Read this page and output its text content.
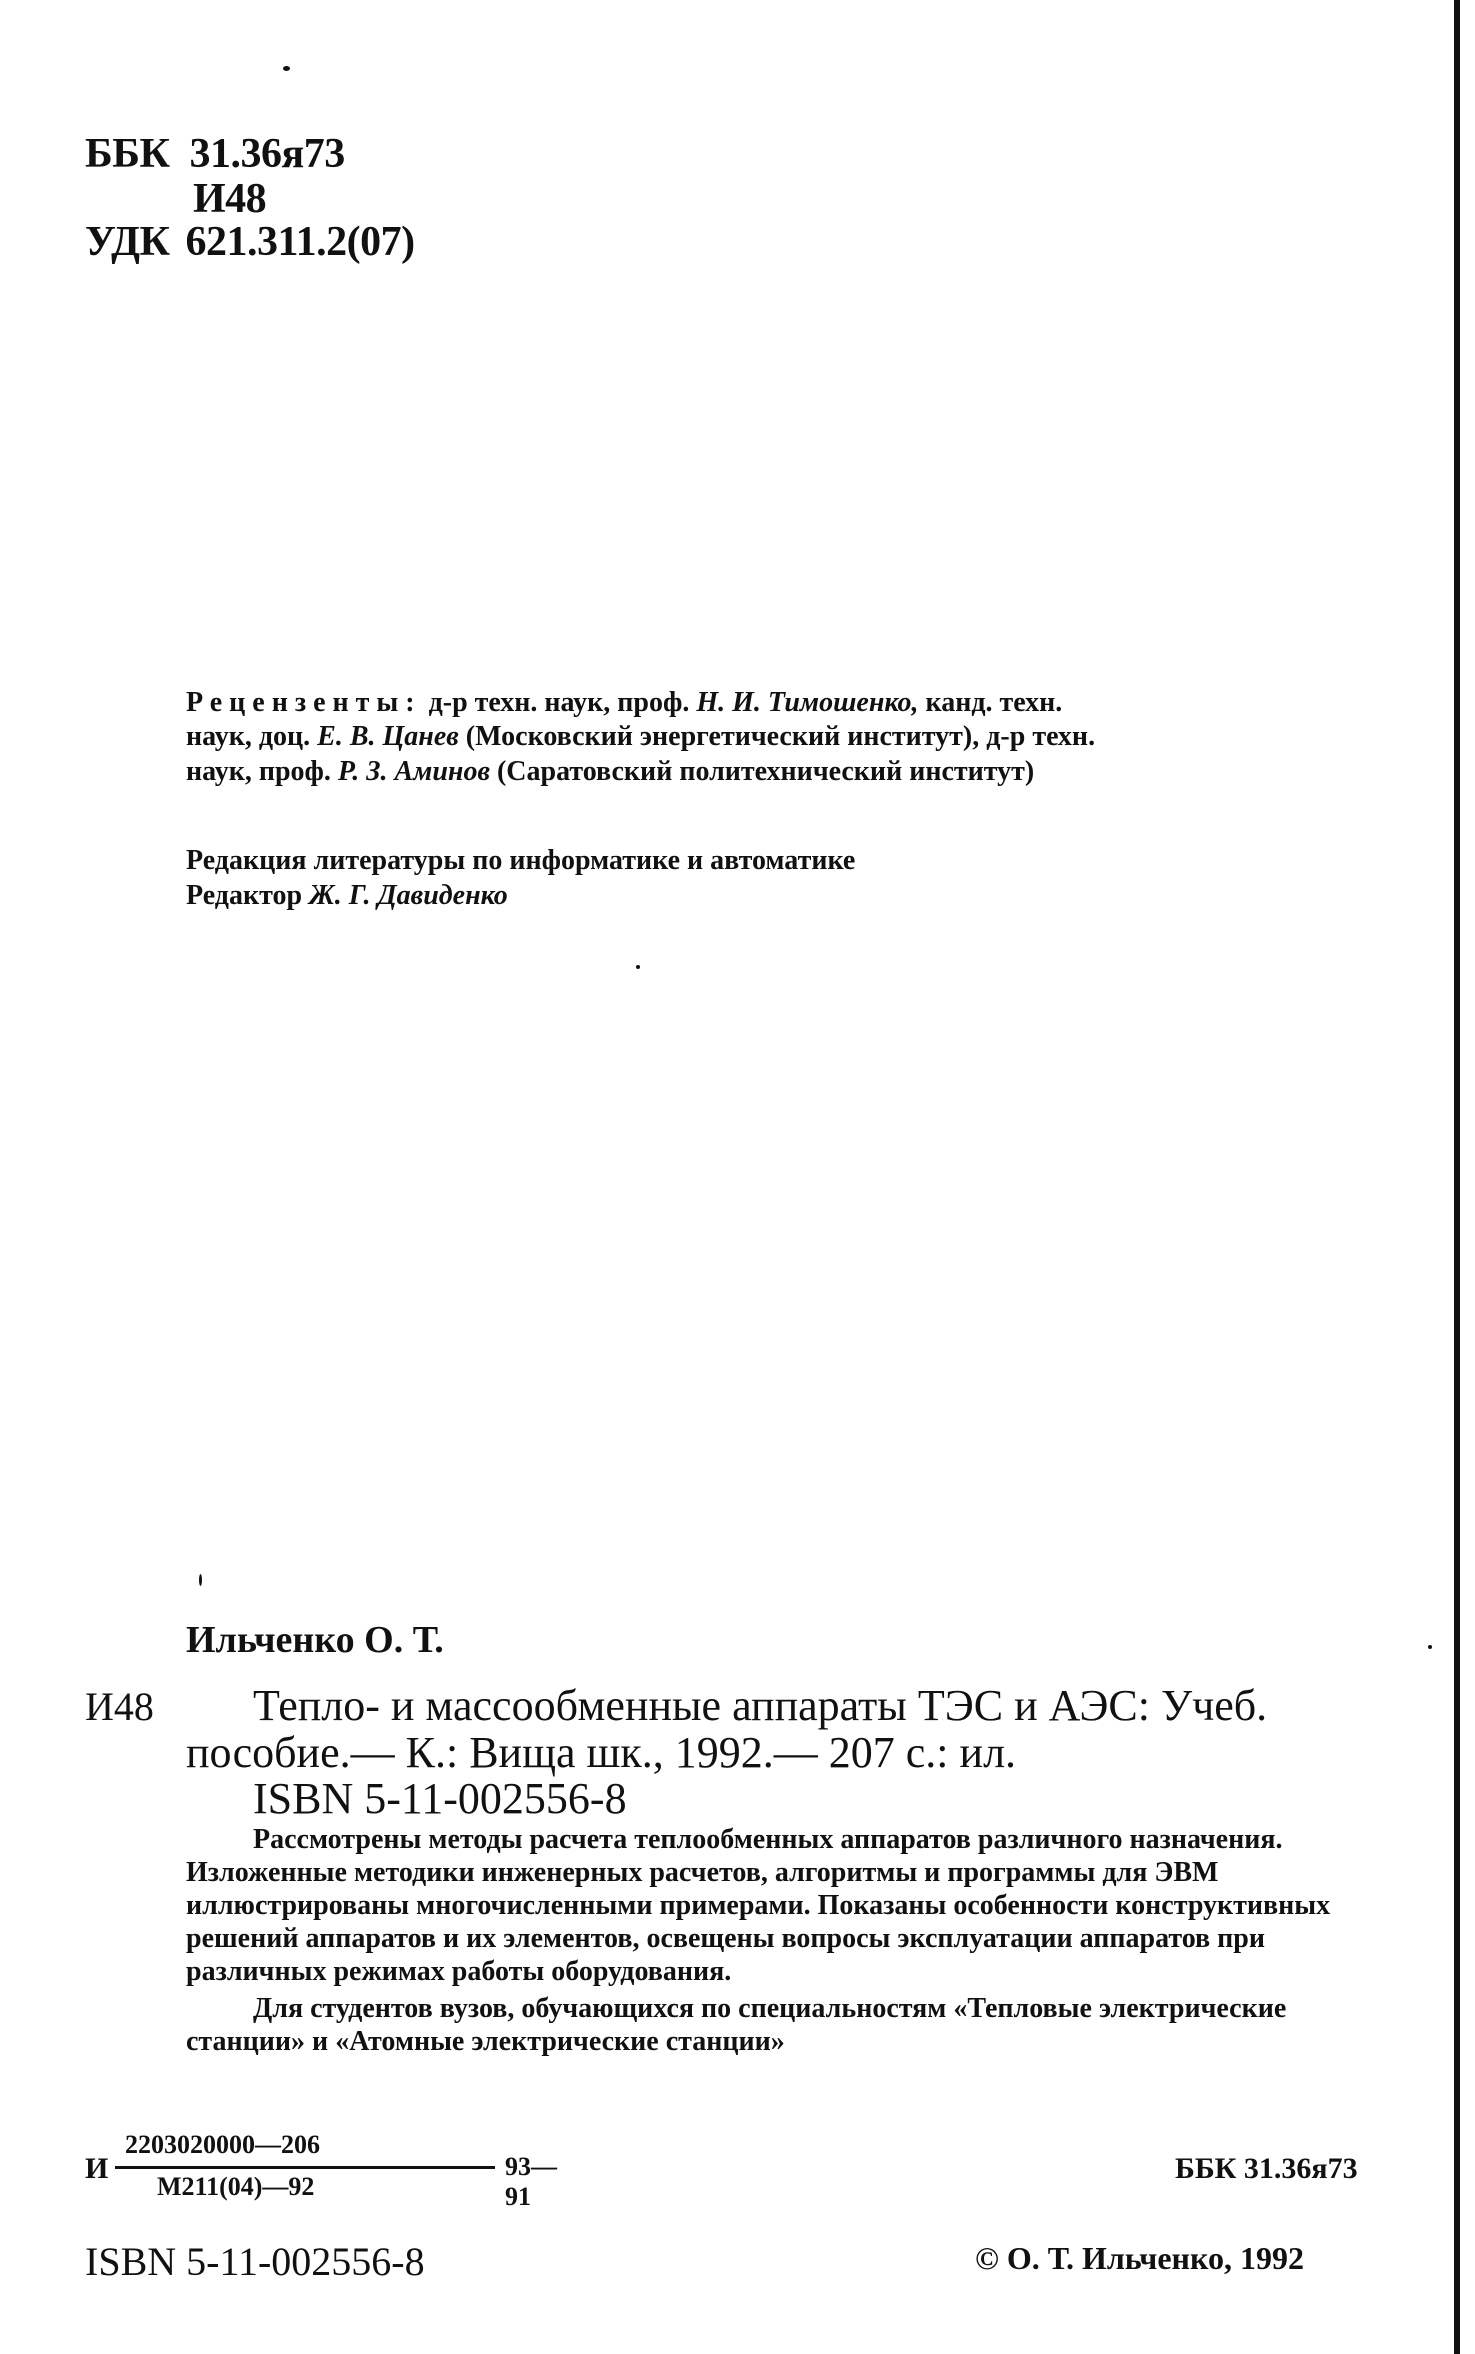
ББК 31.36я73
И48
УДК 621.311.2(07)
Рецензенты: д-р техн. наук, проф. Н. И. Тимошенко, канд. техн.
наук, доц. Е. В. Цанев (Московский энергетический институт), д-р техн.
наук, проф. Р. З. Аминов (Саратовский политехнический институт)
Редакция литературы по информатике и автоматике
Редактор Ж. Г. Давиденко
Ильченко О. Т.
И48 Тепло- и массообменные аппараты ТЭС и АЭС: Учеб.
пособие.— К.: Вища шк., 1992.— 207 с.: ил.
ISBN 5-11-002556-8
Рассмотрены методы расчета теплообменных аппаратов различного назначения. Изложенные методики инженерных расчетов, алгоритмы и программы для ЭВМ иллюстрированы многочисленными примерами. Показаны особенности конструктивных решений аппаратов и их элементов, освещены вопросы эксплуатации аппаратов при различных режимах работы оборудования.
Для студентов вузов, обучающихся по специальностям «Тепловые электрические станции» и «Атомные электрические станции»
И
2203020000—206
М211(04)—92
93—91
ББК 31.36я73
ISBN 5-11-002556-8	© О. Т. Ильченко, 1992
